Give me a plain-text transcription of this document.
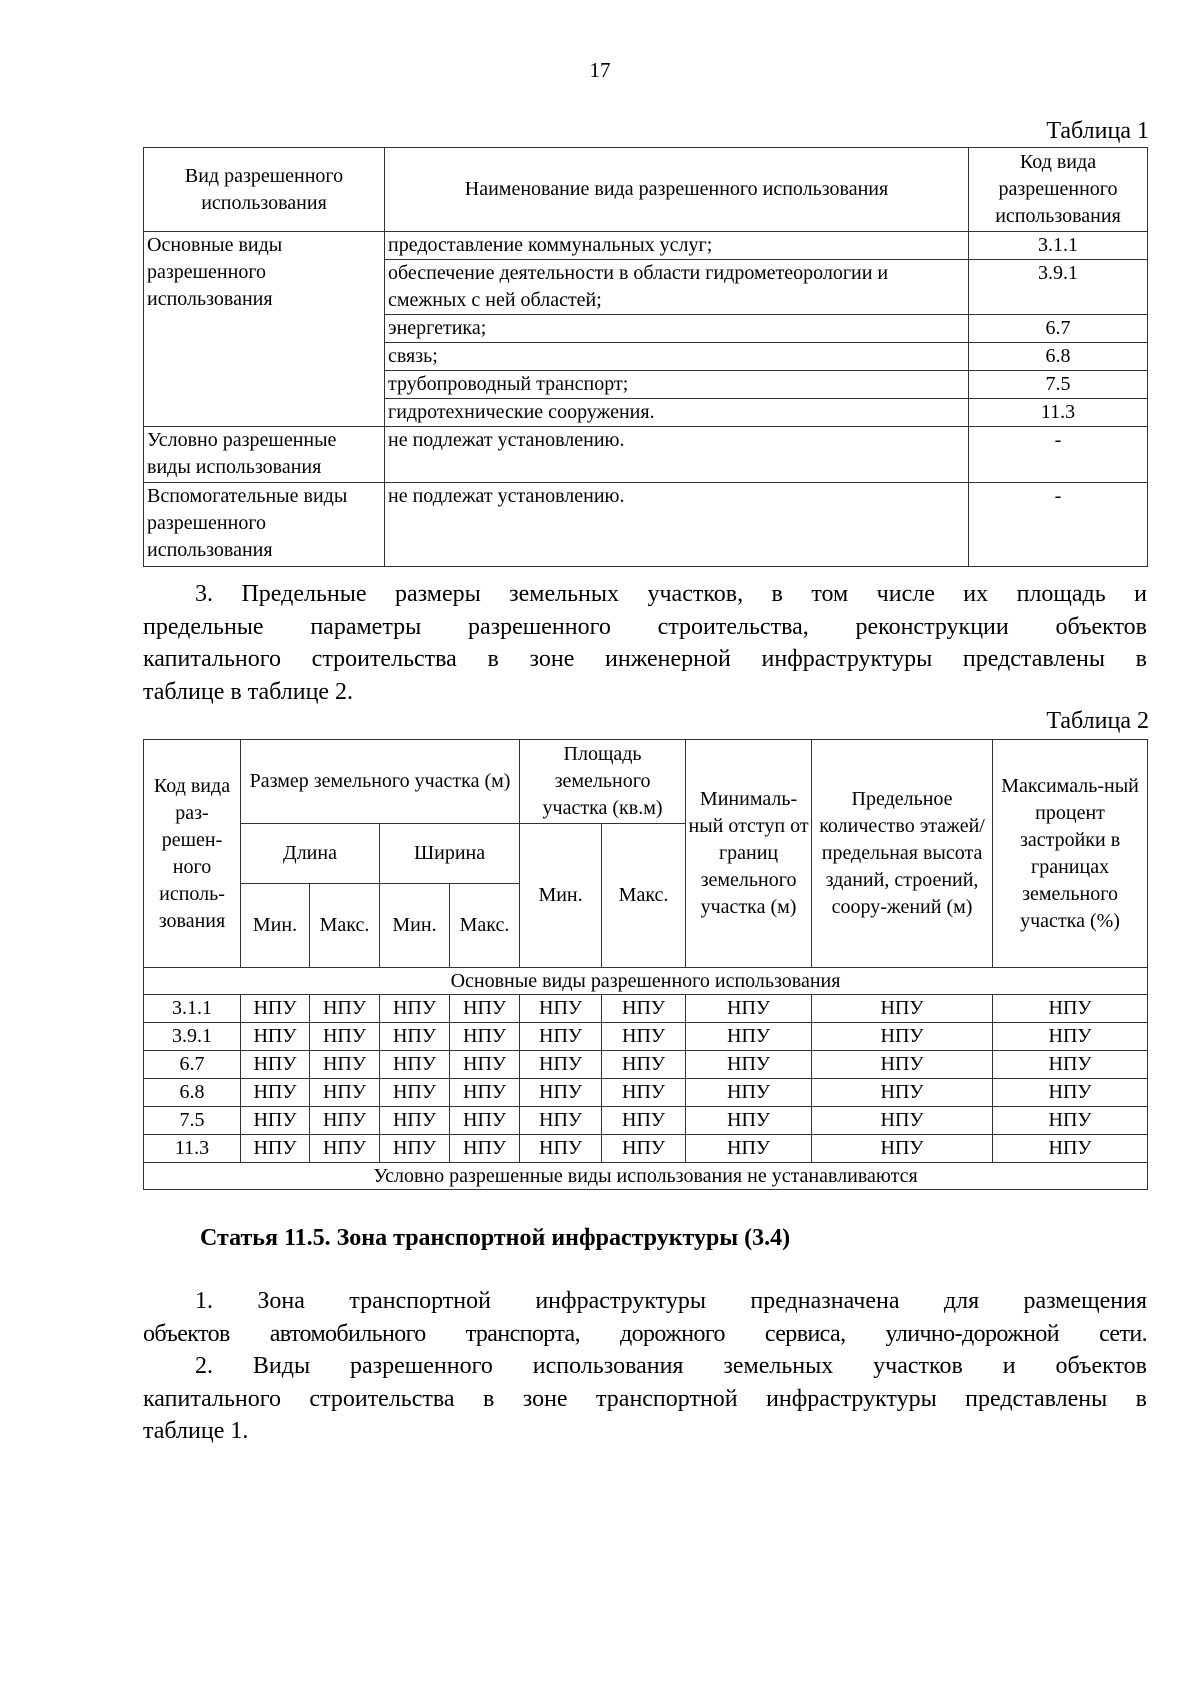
17
Таблица 1
Вид разрешенного использования	Наименование вида разрешенного использования	Код вида разрешенного использования
Основные виды разрешенного использования	предоставление коммунальных услуг;	3.1.1
	обеспечение деятельности в области гидрометеорологии и смежных с ней областей;	3.9.1
	энергетика;	6.7
	связь;	6.8
	трубопроводный транспорт;	7.5
	гидротехнические сооружения.	11.3
Условно разрешенные виды использования	не подлежат установлению.	-
Вспомогательные виды разрешенного использования	не подлежат установлению.	-
3. Предельные размеры земельных участков, в том числе их площадь и
предельные параметры разрешенного строительства, реконструкции объектов
капитального строительства в зоне инженерной инфраструктуры представлены в
таблице в таблице 2.
Таблица 2
Код вида раз-решен-ного исполь-зования	Размер земельного участка (м)				Площадь земельного участка (кв.м)		Минималь-ный отступ от границ земельного участка (м)	Предельное количество этажей/ предельная высота зданий, строений, соору-жений (м)	Максималь-ный процент застройки в границах земельного участка (%)
	Длина		Ширина		Мин.	Макс.			
	Мин.	Макс.	Мин.	Макс.					
Основные виды разрешенного использования									
3.1.1	НПУ	НПУ	НПУ	НПУ	НПУ	НПУ	НПУ	НПУ	НПУ
3.9.1	НПУ	НПУ	НПУ	НПУ	НПУ	НПУ	НПУ	НПУ	НПУ
6.7	НПУ	НПУ	НПУ	НПУ	НПУ	НПУ	НПУ	НПУ	НПУ
6.8	НПУ	НПУ	НПУ	НПУ	НПУ	НПУ	НПУ	НПУ	НПУ
7.5	НПУ	НПУ	НПУ	НПУ	НПУ	НПУ	НПУ	НПУ	НПУ
11.3	НПУ	НПУ	НПУ	НПУ	НПУ	НПУ	НПУ	НПУ	НПУ
Условно разрешенные виды использования не устанавливаются									
Статья 11.5. Зона транспортной инфраструктуры (3.4)
1. Зона транспортной инфраструктуры предназначена для размещения
объектов автомобильного транспорта, дорожного сервиса, улично-дорожной сети.
2. Виды разрешенного использования земельных участков и объектов
капитального строительства в зоне транспортной инфраструктуры представлены в
таблице 1.
